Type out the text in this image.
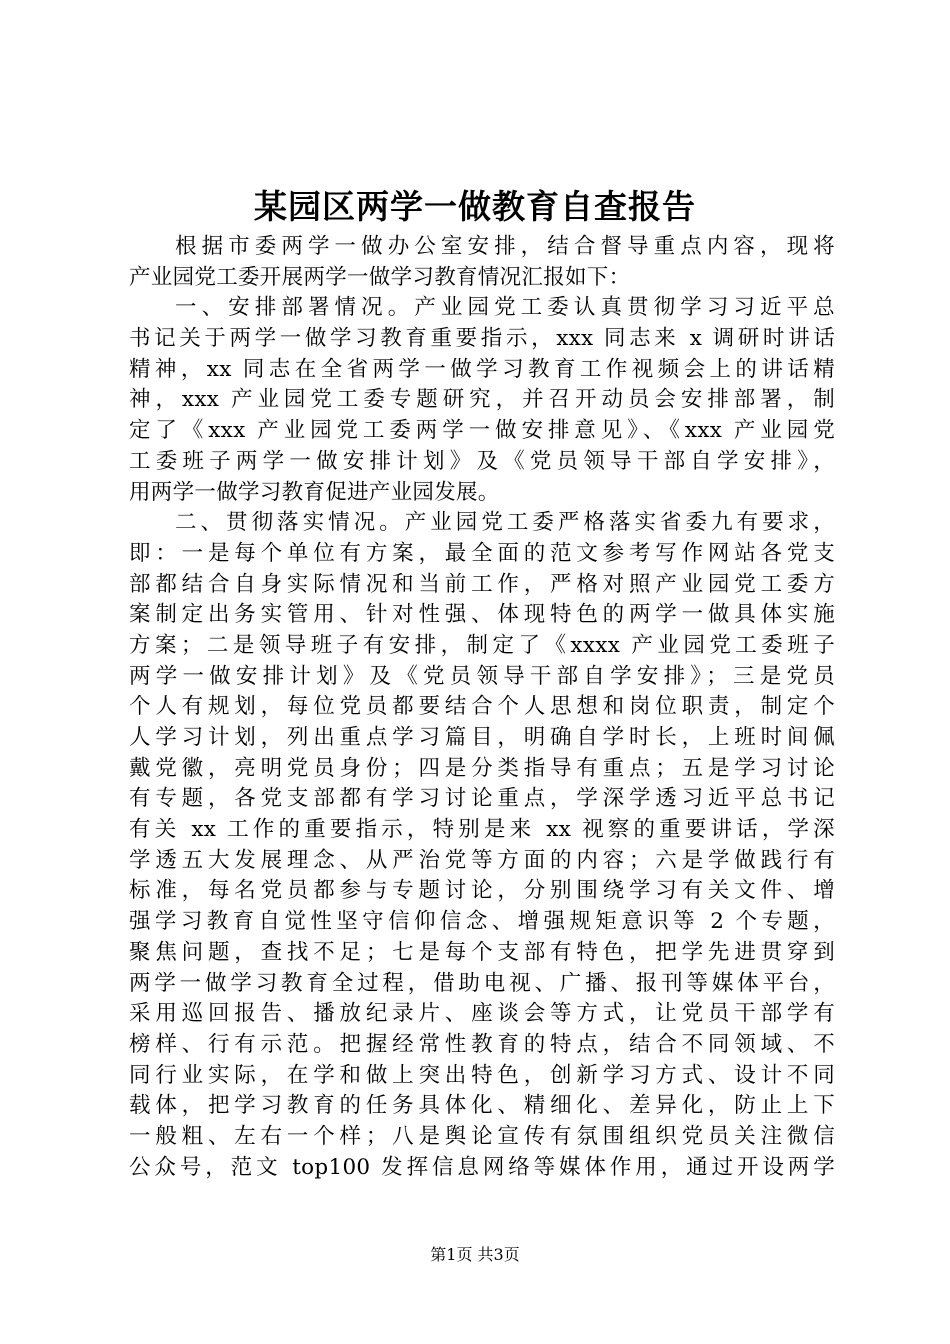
某园区两学一做教育自查报告
根据市委两学一做办公室安排，结合督导重点内容，现将
产业园党工委开展两学一做学习教育情况汇报如下：
一、安排部署情况。产业园党工委认真贯彻学习习近平总
书记关于两学一做学习教育重要指示，xxx 同志来 x 调研时讲话
精神，xx 同志在全省两学一做学习教育工作视频会上的讲话精
神，xxx 产业园党工委专题研究，并召开动员会安排部署，制
定了《xxx 产业园党工委两学一做安排意见》、《xxx 产业园党
工委班子两学一做安排计划》及《党员领导干部自学安排》，
用两学一做学习教育促进产业园发展。
二、贯彻落实情况。产业园党工委严格落实省委九有要求，
即：一是每个单位有方案，最全面的范文参考写作网站各党支
部都结合自身实际情况和当前工作，严格对照产业园党工委方
案制定出务实管用、针对性强、体现特色的两学一做具体实施
方案；二是领导班子有安排，制定了《xxxx 产业园党工委班子
两学一做安排计划》及《党员领导干部自学安排》；三是党员
个人有规划，每位党员都要结合个人思想和岗位职责，制定个
人学习计划，列出重点学习篇目，明确自学时长，上班时间佩
戴党徽，亮明党员身份；四是分类指导有重点；五是学习讨论
有专题，各党支部都有学习讨论重点，学深学透习近平总书记
有关 xx 工作的重要指示，特别是来 xx 视察的重要讲话，学深
学透五大发展理念、从严治党等方面的内容；六是学做践行有
标准，每名党员都参与专题讨论，分别围绕学习有关文件、增
强学习教育自觉性坚守信仰信念、增强规矩意识等 2 个专题，
聚焦问题，查找不足；七是每个支部有特色，把学先进贯穿到
两学一做学习教育全过程，借助电视、广播、报刊等媒体平台，
采用巡回报告、播放纪录片、座谈会等方式，让党员干部学有
榜样、行有示范。把握经常性教育的特点，结合不同领域、不
同行业实际，在学和做上突出特色，创新学习方式、设计不同
载体，把学习教育的任务具体化、精细化、差异化，防止上下
一般粗、左右一个样；八是舆论宣传有氛围组织党员关注微信
公众号，范文 top100 发挥信息网络等媒体作用，通过开设两学
第1页 共3页
